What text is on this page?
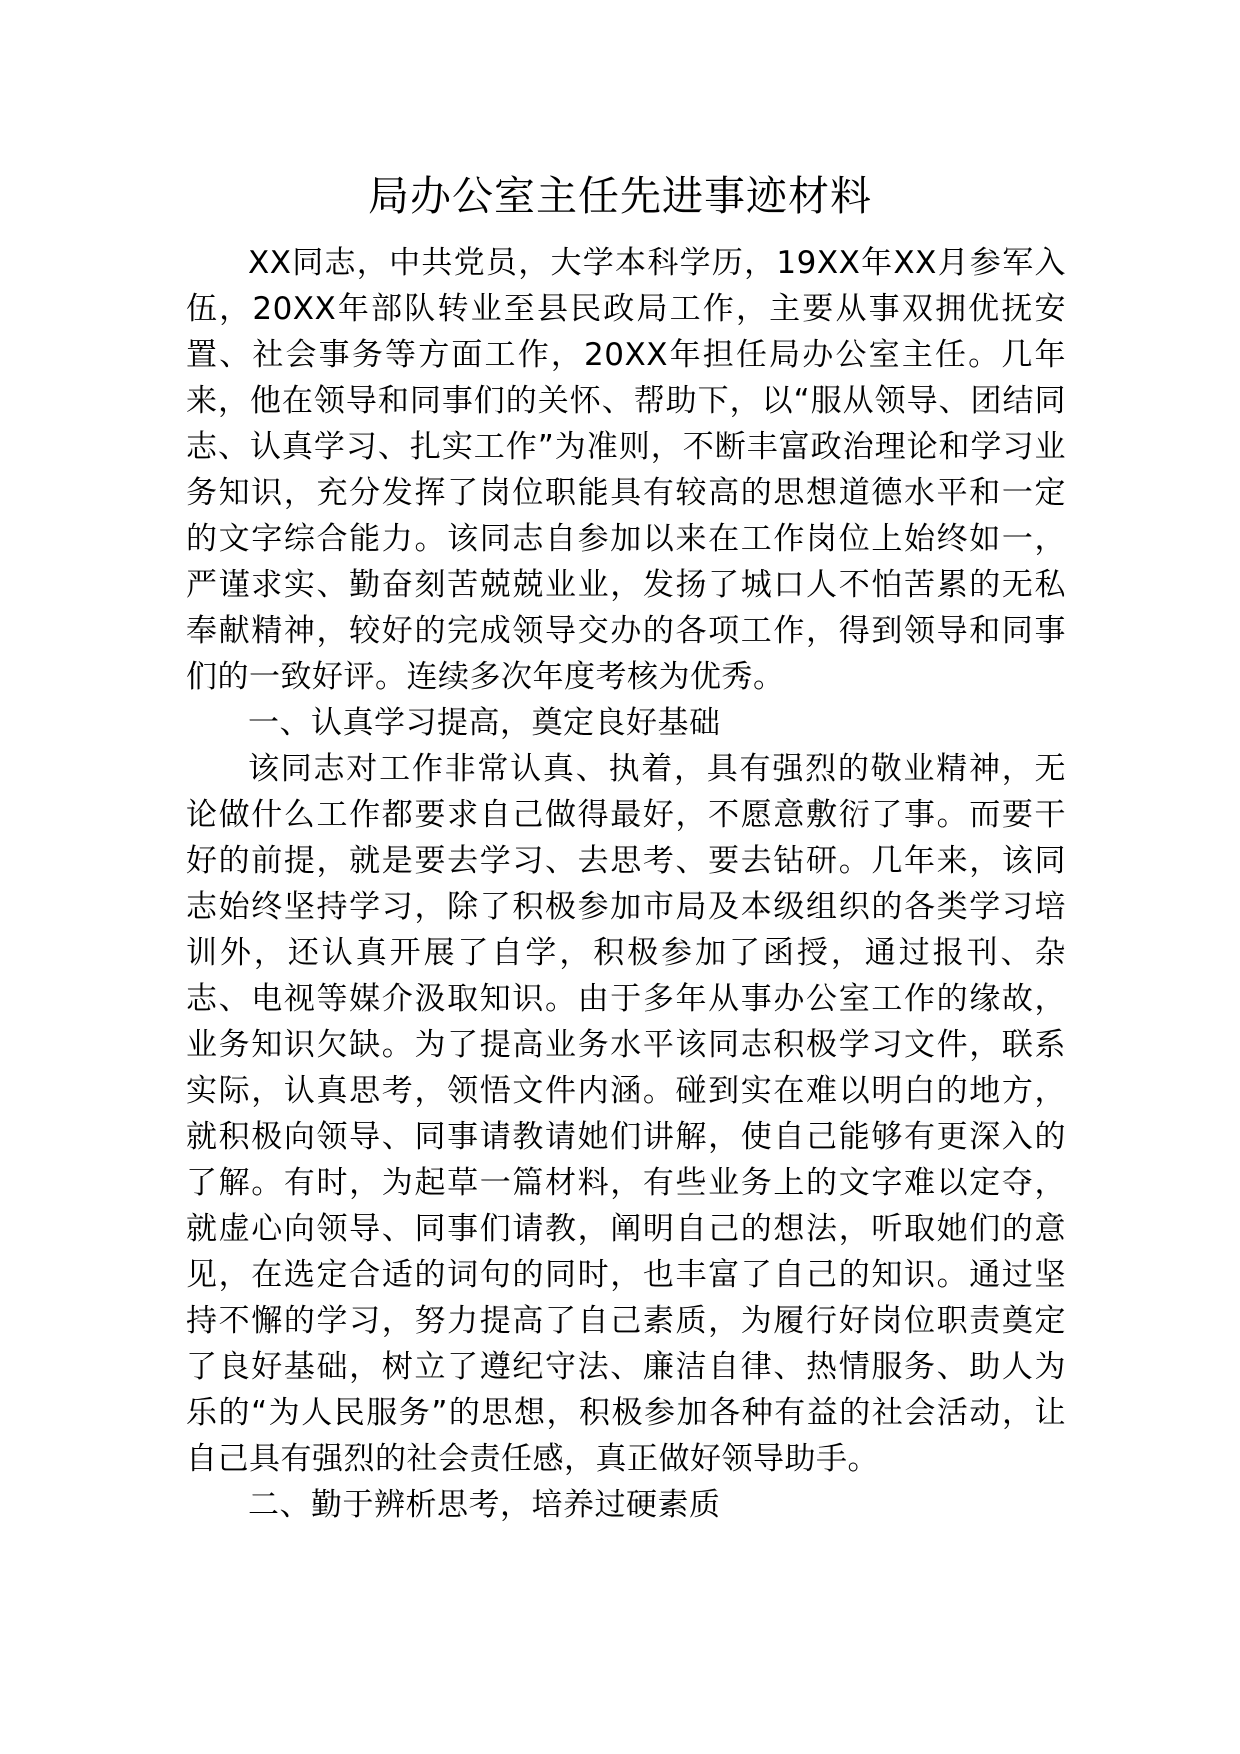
局办公室主任先进事迹材料

XX同志，中共党员，大学本科学历，19XX年XX月参军入伍，20XX年部队转业至县民政局工作，主要从事双拥优抚安置、社会事务等方面工作，20XX年担任局办公室主任。几年来，他在领导和同事们的关怀、帮助下，以“服从领导、团结同志、认真学习、扎实工作”为准则，不断丰富政治理论和学习业务知识，充分发挥了岗位职能具有较高的思想道德水平和一定的文字综合能力。该同志自参加以来在工作岗位上始终如一，严谨求实、勤奋刻苦兢兢业业，发扬了城口人不怕苦累的无私奉献精神，较好的完成领导交办的各项工作，得到领导和同事们的一致好评。连续多次年度考核为优秀。

一、认真学习提高，奠定良好基础

该同志对工作非常认真、执着，具有强烈的敬业精神，无论做什么工作都要求自己做得最好，不愿意敷衍了事。而要干好的前提，就是要去学习、去思考、要去钻研。几年来，该同志始终坚持学习，除了积极参加市局及本级组织的各类学习培训外，还认真开展了自学，积极参加了函授，通过报刊、杂志、电视等媒介汲取知识。由于多年从事办公室工作的缘故，业务知识欠缺。为了提高业务水平该同志积极学习文件，联系实际，认真思考，领悟文件内涵。碰到实在难以明白的地方，就积极向领导、同事请教请她们讲解，使自己能够有更深入的了解。有时，为起草一篇材料，有些业务上的文字难以定夺，就虚心向领导、同事们请教，阐明自己的想法，听取她们的意见，在选定合适的词句的同时，也丰富了自己的知识。通过坚持不懈的学习，努力提高了自己素质，为履行好岗位职责奠定了良好基础，树立了遵纪守法、廉洁自律、热情服务、助人为乐的“为人民服务”的思想，积极参加各种有益的社会活动，让自己具有强烈的社会责任感，真正做好领导助手。

二、勤于辨析思考，培养过硬素质
